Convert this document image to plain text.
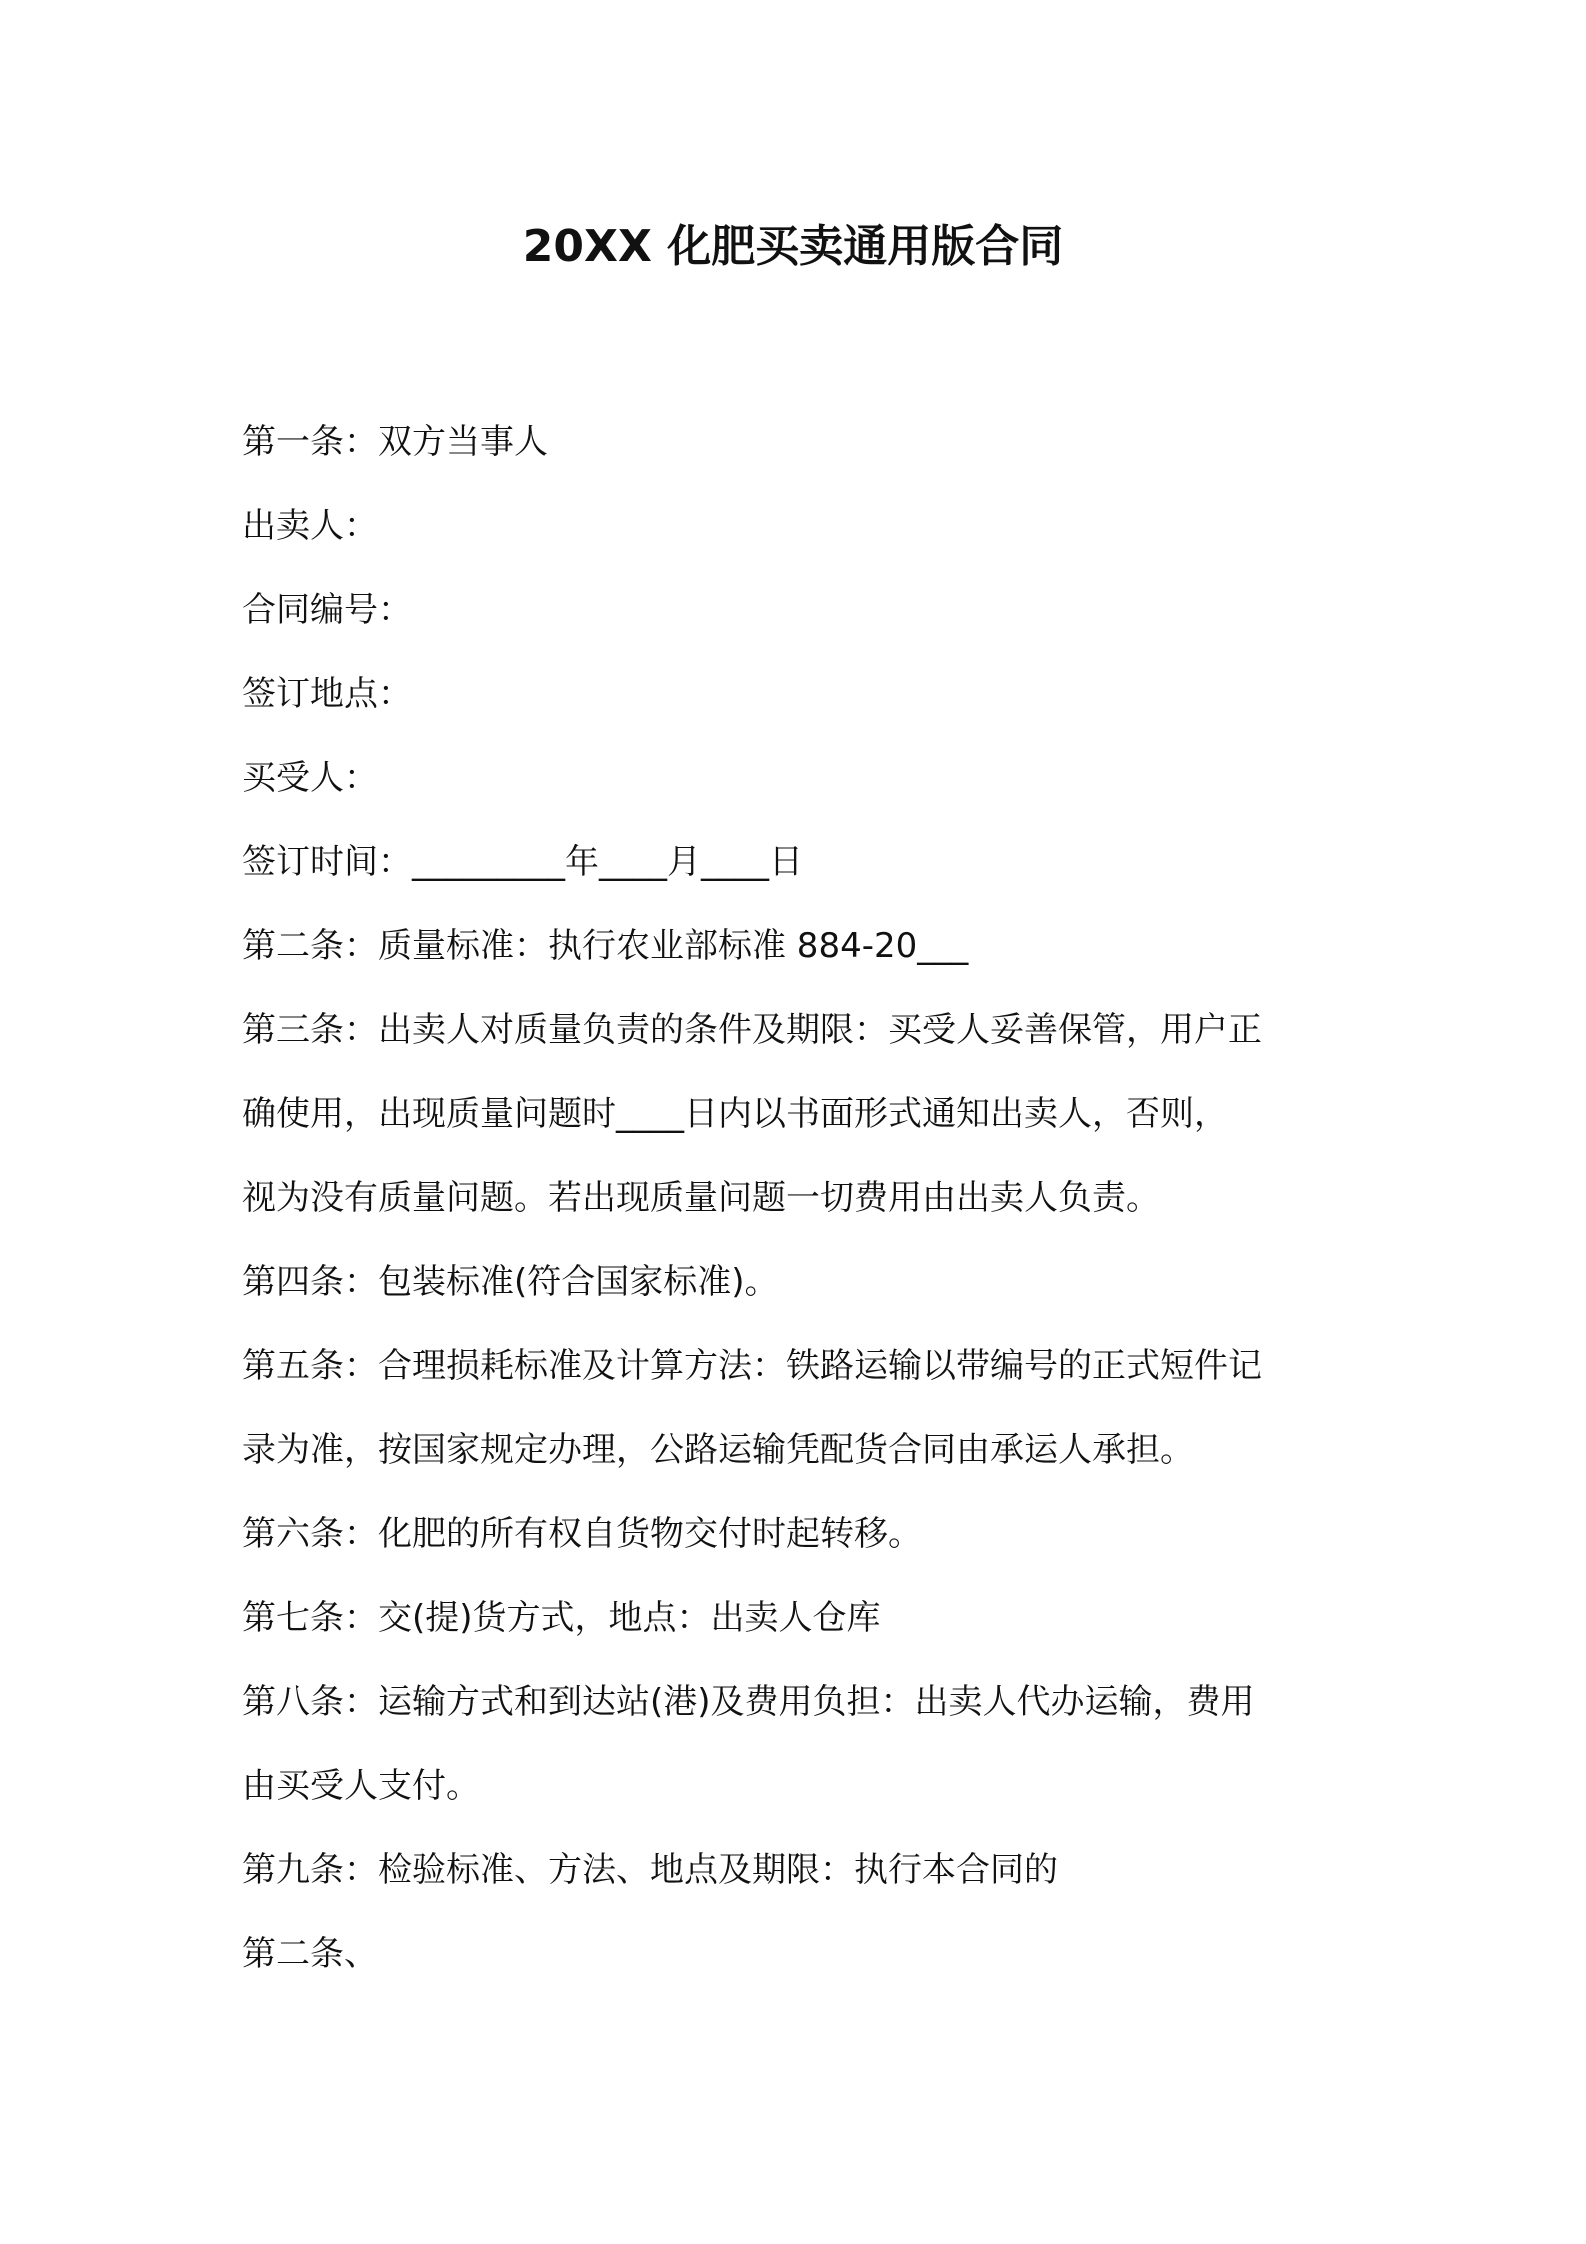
20XX 化肥买卖通用版合同

第一条：双方当事人

出卖人：

合同编号：

签订地点：

买受人：

签订时间：_________年____月____日

第二条：质量标准：执行农业部标准 884-20___

第三条：出卖人对质量负责的条件及期限：买受人妥善保管，用户正

确使用，出现质量问题时____日内以书面形式通知出卖人，否则，

视为没有质量问题。若出现质量问题一切费用由出卖人负责。

第四条：包装标准(符合国家标准)。

第五条：合理损耗标准及计算方法：铁路运输以带编号的正式短件记

录为准，按国家规定办理，公路运输凭配货合同由承运人承担。

第六条：化肥的所有权自货物交付时起转移。

第七条：交(提)货方式，地点：出卖人仓库

第八条：运输方式和到达站(港)及费用负担：出卖人代办运输，费用

由买受人支付。

第九条：检验标准、方法、地点及期限：执行本合同的

第二条、
